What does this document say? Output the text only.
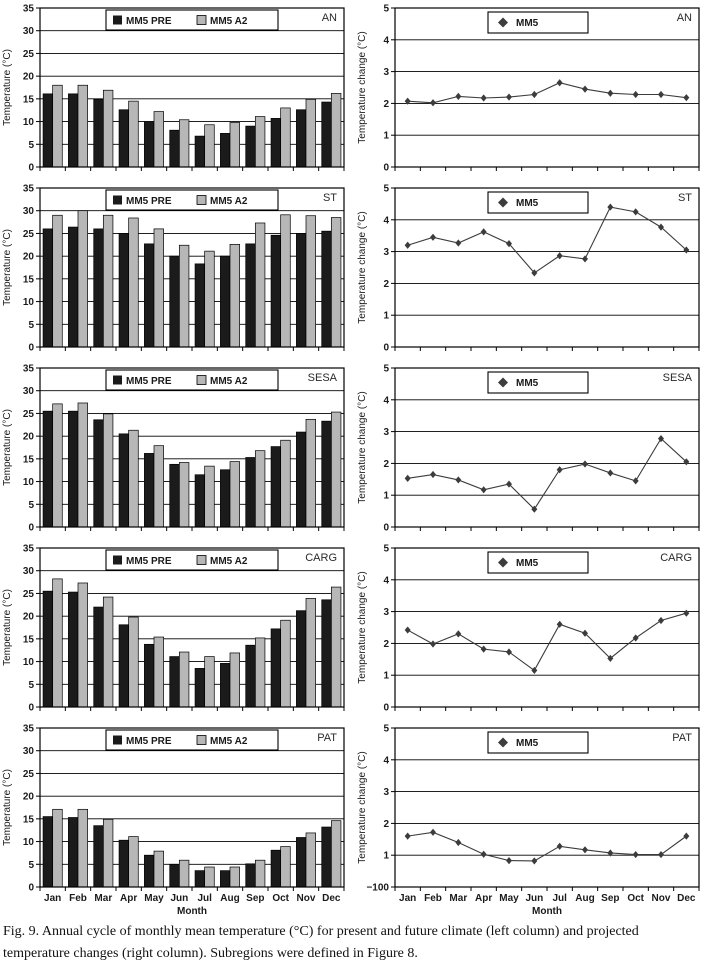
0
5
10
15
20
25
30
35
Temperature (°C)
AN
MM5 PRE	MM5 A2
0
1
2
3
4
5
Temperature change (°C)
AN
MM5
0
5
10
15
20
25
30
35
Temperature (°C)
ST
MM5 PRE	MM5 A2
0
1
2
3
4
5
Temperature change (°C)
ST
MM5
0
5
10
15
20
25
30
35
Temperature (°C)
SESA
MM5 PRE	MM5 A2
0
1
2
3
4
5
Temperature change (°C)
SESA
MM5
0
5
10
15
20
25
30
35
Temperature (°C)
CARG
MM5 PRE	MM5 A2
0
1
2
3
4
5
Temperature change (°C)
CARG
MM5
0
5
10
15
20
25
30
35
Jan Feb Mar Apr May Jun Jul Aug Sep Oct Nov Dec
Month
Temperature (°C)
PAT
MM5 PRE	MM5 A2
−100
1
2
3
4
5
Jan Feb Mar Apr May Jun Jul Aug Sep Oct Nov Dec
Month
Temperature change (°C)
PAT
MM5
Fig. 9. Annual cycle of monthly mean temperature (°C) for present and future climate (left column) and projected
temperature changes (right column). Subregions were defined in Figure 8.
